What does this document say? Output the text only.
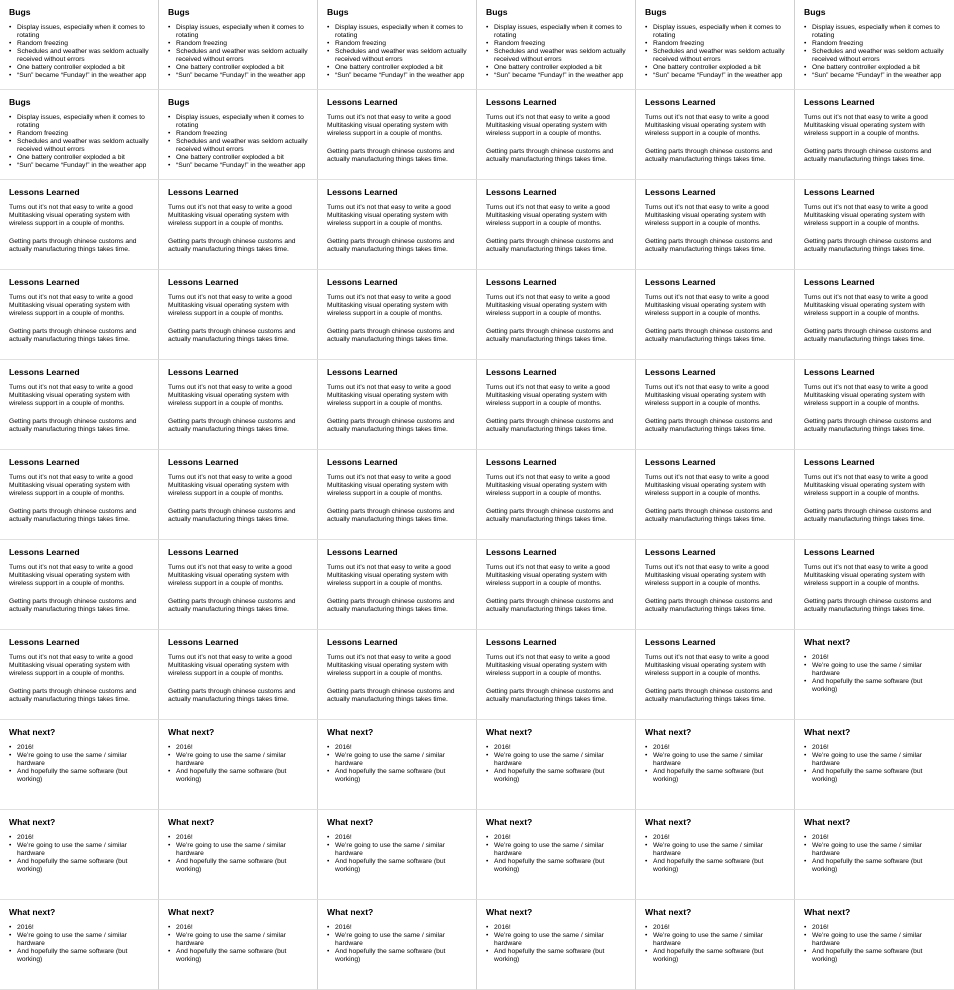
Bugs
• Display issues, especially when it comes to rotating
• Random freezing
• Schedules and weather was seldom actually received without errors
• One battery controller exploded a bit
• “Sun” became “Funday!” in the weather app
Bugs
• Display issues, especially when it comes to rotating
• Random freezing
• Schedules and weather was seldom actually received without errors
• One battery controller exploded a bit
• “Sun” became “Funday!” in the weather app
Bugs
• Display issues, especially when it comes to rotating
• Random freezing
• Schedules and weather was seldom actually received without errors
• One battery controller exploded a bit
• “Sun” became “Funday!” in the weather app
Bugs
• Display issues, especially when it comes to rotating
• Random freezing
• Schedules and weather was seldom actually received without errors
• One battery controller exploded a bit
• “Sun” became “Funday!” in the weather app
Bugs
• Display issues, especially when it comes to rotating
• Random freezing
• Schedules and weather was seldom actually received without errors
• One battery controller exploded a bit
• “Sun” became “Funday!” in the weather app
Bugs
• Display issues, especially when it comes to rotating
• Random freezing
• Schedules and weather was seldom actually received without errors
• One battery controller exploded a bit
• “Sun” became “Funday!” in the weather app
Bugs
• Display issues, especially when it comes to rotating
• Random freezing
• Schedules and weather was seldom actually received without errors
• One battery controller exploded a bit
• “Sun” became “Funday!” in the weather app
Bugs
• Display issues, especially when it comes to rotating
• Random freezing
• Schedules and weather was seldom actually received without errors
• One battery controller exploded a bit
• “Sun” became “Funday!” in the weather app
Lessons Learned

Turns out it’s not that easy to write a good Multitasking visual operating system with wireless support in a couple of months.

Getting parts through chinese customs and actually manufacturing things takes time.

Lessons Learned

Turns out it’s not that easy to write a good Multitasking visual operating system with wireless support in a couple of months.

Getting parts through chinese customs and actually manufacturing things takes time.

Lessons Learned

Turns out it’s not that easy to write a good Multitasking visual operating system with wireless support in a couple of months.

Getting parts through chinese customs and actually manufacturing things takes time.

Lessons Learned

Turns out it’s not that easy to write a good Multitasking visual operating system with wireless support in a couple of months.

Getting parts through chinese customs and actually manufacturing things takes time.

Lessons Learned

Turns out it’s not that easy to write a good Multitasking visual operating system with wireless support in a couple of months.

Getting parts through chinese customs and actually manufacturing things takes time.

Lessons Learned

Turns out it’s not that easy to write a good Multitasking visual operating system with wireless support in a couple of months.

Getting parts through chinese customs and actually manufacturing things takes time.

Lessons Learned

Turns out it’s not that easy to write a good Multitasking visual operating system with wireless support in a couple of months.

Getting parts through chinese customs and actually manufacturing things takes time.

Lessons Learned

Turns out it’s not that easy to write a good Multitasking visual operating system with wireless support in a couple of months.

Getting parts through chinese customs and actually manufacturing things takes time.

Lessons Learned

Turns out it’s not that easy to write a good Multitasking visual operating system with wireless support in a couple of months.

Getting parts through chinese customs and actually manufacturing things takes time.

Lessons Learned

Turns out it’s not that easy to write a good Multitasking visual operating system with wireless support in a couple of months.

Getting parts through chinese customs and actually manufacturing things takes time.

Lessons Learned

Turns out it’s not that easy to write a good Multitasking visual operating system with wireless support in a couple of months.

Getting parts through chinese customs and actually manufacturing things takes time.

Lessons Learned

Turns out it’s not that easy to write a good Multitasking visual operating system with wireless support in a couple of months.

Getting parts through chinese customs and actually manufacturing things takes time.

Lessons Learned

Turns out it’s not that easy to write a good Multitasking visual operating system with wireless support in a couple of months.

Getting parts through chinese customs and actually manufacturing things takes time.

Lessons Learned

Turns out it’s not that easy to write a good Multitasking visual operating system with wireless support in a couple of months.

Getting parts through chinese customs and actually manufacturing things takes time.

Lessons Learned

Turns out it’s not that easy to write a good Multitasking visual operating system with wireless support in a couple of months.

Getting parts through chinese customs and actually manufacturing things takes time.

Lessons Learned

Turns out it’s not that easy to write a good Multitasking visual operating system with wireless support in a couple of months.

Getting parts through chinese customs and actually manufacturing things takes time.

Lessons Learned

Turns out it’s not that easy to write a good Multitasking visual operating system with wireless support in a couple of months.

Getting parts through chinese customs and actually manufacturing things takes time.

Lessons Learned

Turns out it’s not that easy to write a good Multitasking visual operating system with wireless support in a couple of months.

Getting parts through chinese customs and actually manufacturing things takes time.

Lessons Learned

Turns out it’s not that easy to write a good Multitasking visual operating system with wireless support in a couple of months.

Getting parts through chinese customs and actually manufacturing things takes time.

Lessons Learned

Turns out it’s not that easy to write a good Multitasking visual operating system with wireless support in a couple of months.

Getting parts through chinese customs and actually manufacturing things takes time.

Lessons Learned

Turns out it’s not that easy to write a good Multitasking visual operating system with wireless support in a couple of months.

Getting parts through chinese customs and actually manufacturing things takes time.

Lessons Learned

Turns out it’s not that easy to write a good Multitasking visual operating system with wireless support in a couple of months.

Getting parts through chinese customs and actually manufacturing things takes time.

Lessons Learned

Turns out it’s not that easy to write a good Multitasking visual operating system with wireless support in a couple of months.

Getting parts through chinese customs and actually manufacturing things takes time.

Lessons Learned

Turns out it’s not that easy to write a good Multitasking visual operating system with wireless support in a couple of months.

Getting parts through chinese customs and actually manufacturing things takes time.

Lessons Learned

Turns out it’s not that easy to write a good Multitasking visual operating system with wireless support in a couple of months.

Getting parts through chinese customs and actually manufacturing things takes time.

Lessons Learned

Turns out it’s not that easy to write a good Multitasking visual operating system with wireless support in a couple of months.

Getting parts through chinese customs and actually manufacturing things takes time.

Lessons Learned

Turns out it’s not that easy to write a good Multitasking visual operating system with wireless support in a couple of months.

Getting parts through chinese customs and actually manufacturing things takes time.

Lessons Learned

Turns out it’s not that easy to write a good Multitasking visual operating system with wireless support in a couple of months.

Getting parts through chinese customs and actually manufacturing things takes time.

Lessons Learned

Turns out it’s not that easy to write a good Multitasking visual operating system with wireless support in a couple of months.

Getting parts through chinese customs and actually manufacturing things takes time.

Lessons Learned

Turns out it’s not that easy to write a good Multitasking visual operating system with wireless support in a couple of months.

Getting parts through chinese customs and actually manufacturing things takes time.

Lessons Learned

Turns out it’s not that easy to write a good Multitasking visual operating system with wireless support in a couple of months.

Getting parts through chinese customs and actually manufacturing things takes time.

Lessons Learned

Turns out it’s not that easy to write a good Multitasking visual operating system with wireless support in a couple of months.

Getting parts through chinese customs and actually manufacturing things takes time.

Lessons Learned

Turns out it’s not that easy to write a good Multitasking visual operating system with wireless support in a couple of months.

Getting parts through chinese customs and actually manufacturing things takes time.

Lessons Learned

Turns out it’s not that easy to write a good Multitasking visual operating system with wireless support in a couple of months.

Getting parts through chinese customs and actually manufacturing things takes time.

Lessons Learned

Turns out it’s not that easy to write a good Multitasking visual operating system with wireless support in a couple of months.

Getting parts through chinese customs and actually manufacturing things takes time.

Lessons Learned

Turns out it’s not that easy to write a good Multitasking visual operating system with wireless support in a couple of months.

Getting parts through chinese customs and actually manufacturing things takes time.

Lessons Learned

Turns out it’s not that easy to write a good Multitasking visual operating system with wireless support in a couple of months.

Getting parts through chinese customs and actually manufacturing things takes time.

Lessons Learned

Turns out it’s not that easy to write a good Multitasking visual operating system with wireless support in a couple of months.

Getting parts through chinese customs and actually manufacturing things takes time.

Lessons Learned

Turns out it’s not that easy to write a good Multitasking visual operating system with wireless support in a couple of months.

Getting parts through chinese customs and actually manufacturing things takes time.

What next?
• 2016!
• We’re going to use the same / similar hardware
• And hopefully the same software (but working)
What next?
• 2016!
• We’re going to use the same / similar hardware
• And hopefully the same software (but working)
What next?
• 2016!
• We’re going to use the same / similar hardware
• And hopefully the same software (but working)
What next?
• 2016!
• We’re going to use the same / similar hardware
• And hopefully the same software (but working)
What next?
• 2016!
• We’re going to use the same / similar hardware
• And hopefully the same software (but working)
What next?
• 2016!
• We’re going to use the same / similar hardware
• And hopefully the same software (but working)
What next?
• 2016!
• We’re going to use the same / similar hardware
• And hopefully the same software (but working)
What next?
• 2016!
• We’re going to use the same / similar hardware
• And hopefully the same software (but working)
What next?
• 2016!
• We’re going to use the same / similar hardware
• And hopefully the same software (but working)
What next?
• 2016!
• We’re going to use the same / similar hardware
• And hopefully the same software (but working)
What next?
• 2016!
• We’re going to use the same / similar hardware
• And hopefully the same software (but working)
What next?
• 2016!
• We’re going to use the same / similar hardware
• And hopefully the same software (but working)
What next?
• 2016!
• We’re going to use the same / similar hardware
• And hopefully the same software (but working)
What next?
• 2016!
• We’re going to use the same / similar hardware
• And hopefully the same software (but working)
What next?
• 2016!
• We’re going to use the same / similar hardware
• And hopefully the same software (but working)
What next?
• 2016!
• We’re going to use the same / similar hardware
• And hopefully the same software (but working)
What next?
• 2016!
• We’re going to use the same / similar hardware
• And hopefully the same software (but working)
What next?
• 2016!
• We’re going to use the same / similar hardware
• And hopefully the same software (but working)
What next?
• 2016!
• We’re going to use the same / similar hardware
• And hopefully the same software (but working)
